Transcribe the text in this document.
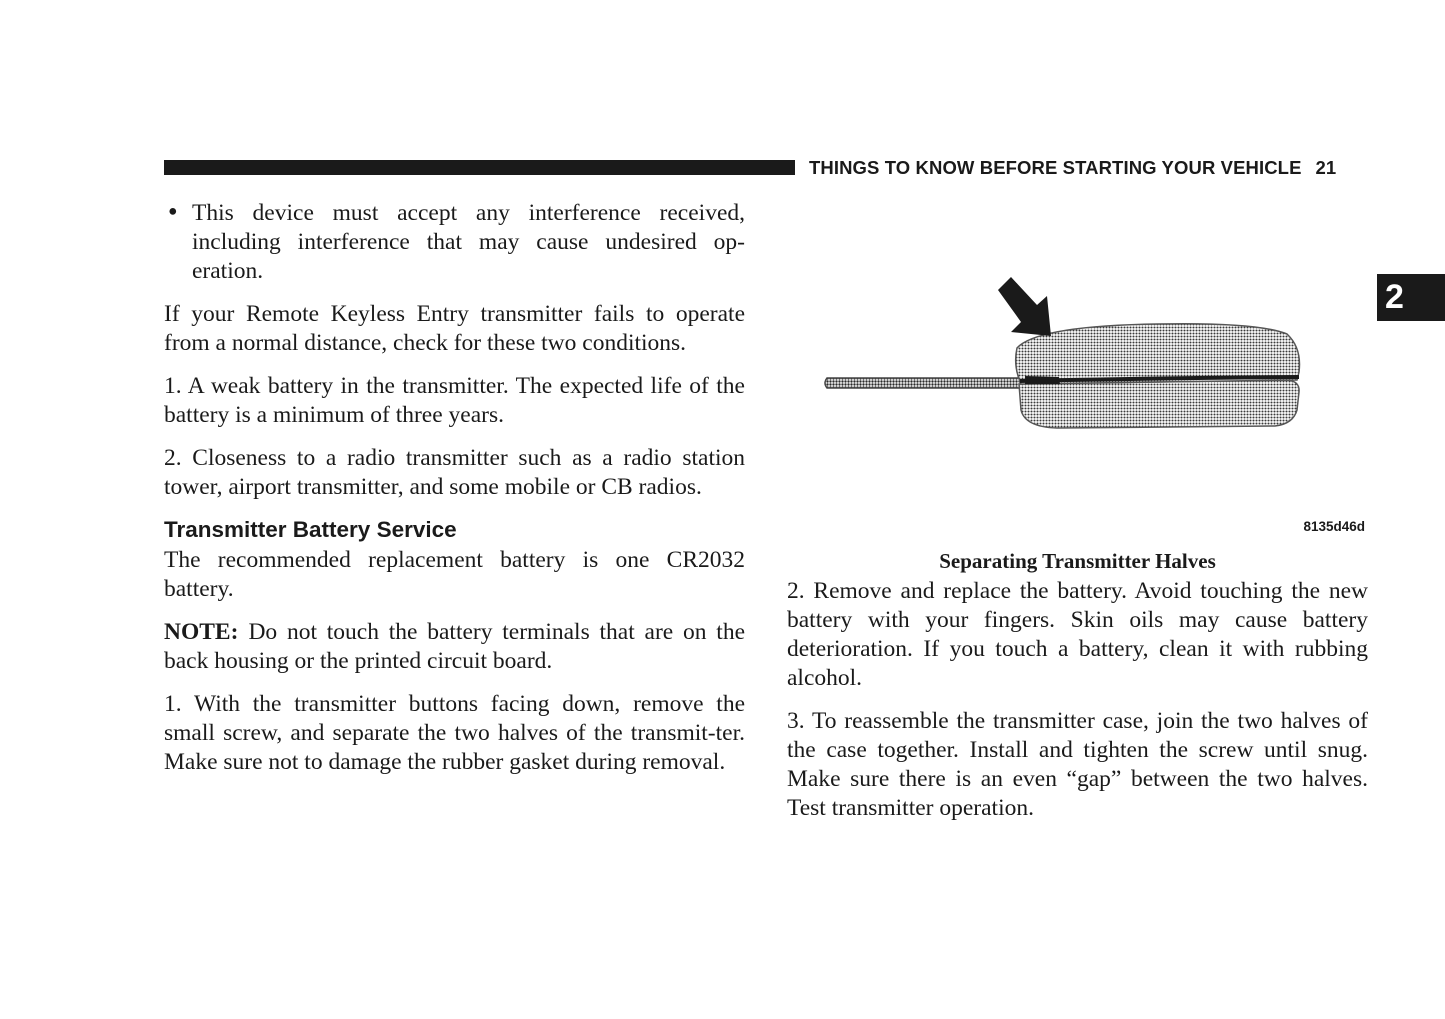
THINGS TO KNOW BEFORE STARTING YOUR VEHICLE 21
2
• This device must accept any interference received, including interference that may cause undesired op-eration.

If your Remote Keyless Entry transmitter fails to operate from a normal distance, check for these two conditions.

1. A weak battery in the transmitter. The expected life of the battery is a minimum of three years.

2. Closeness to a radio transmitter such as a radio station tower, airport transmitter, and some mobile or CB radios.

Transmitter Battery Service

The recommended replacement battery is one CR2032 battery.

NOTE: Do not touch the battery terminals that are on the back housing or the printed circuit board.

1. With the transmitter buttons facing down, remove the small screw, and separate the two halves of the transmit-ter. Make sure not to damage the rubber gasket during removal.

8135d46d
Separating Transmitter Halves

2. Remove and replace the battery. Avoid touching the new battery with your fingers. Skin oils may cause battery deterioration. If you touch a battery, clean it with rubbing alcohol.

3. To reassemble the transmitter case, join the two halves of the case together. Install and tighten the screw until snug. Make sure there is an even “gap” between the two halves. Test transmitter operation.
